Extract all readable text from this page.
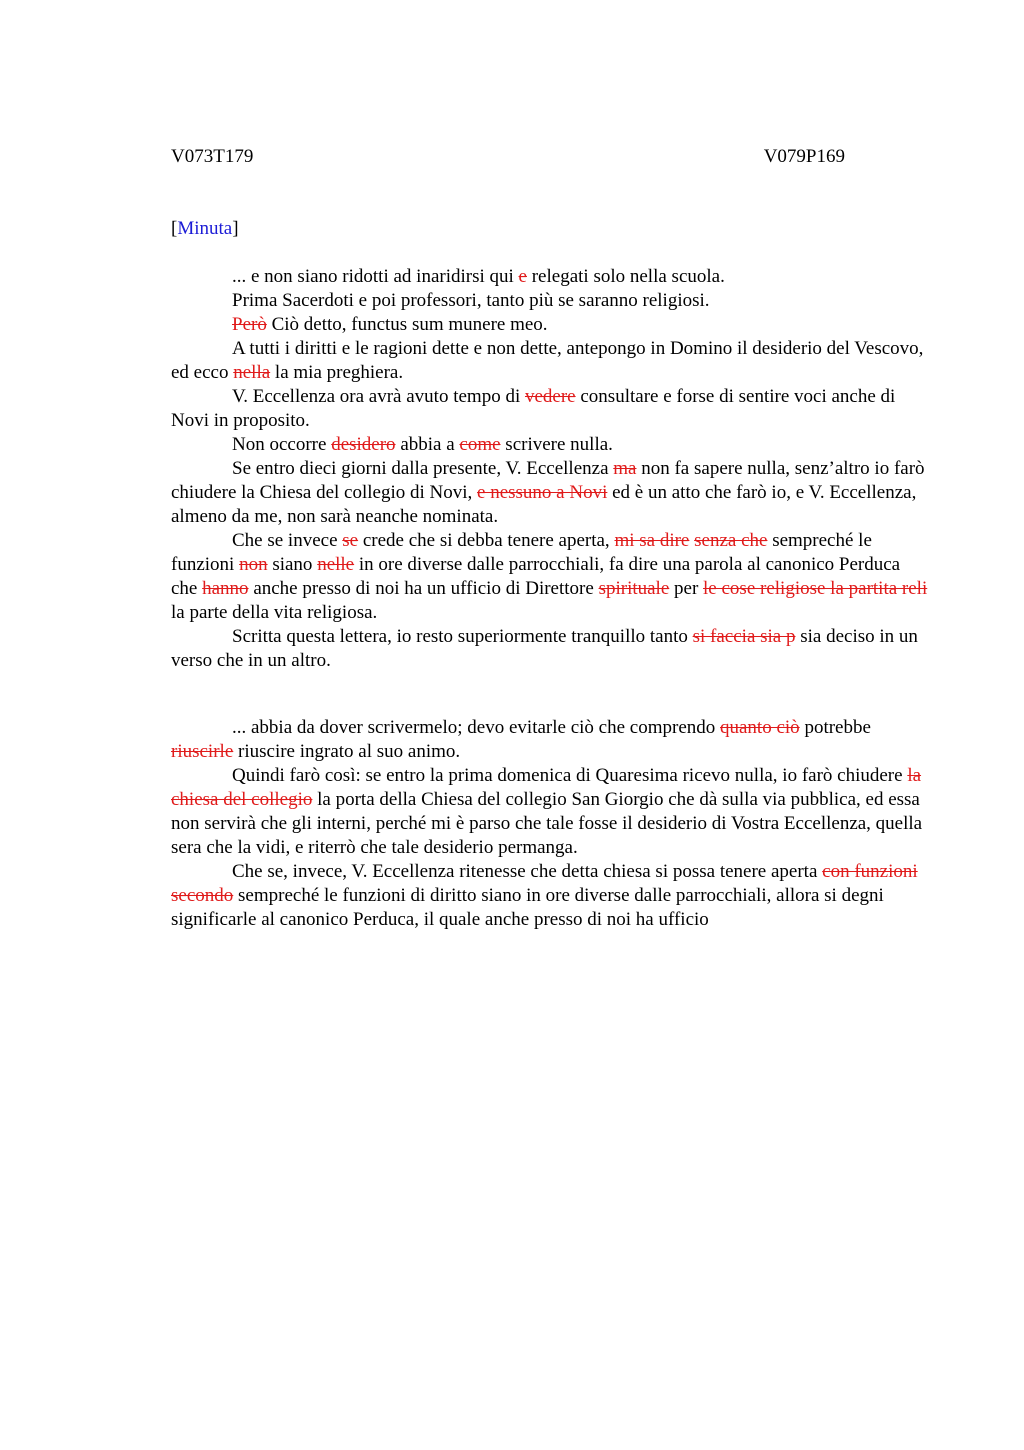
V073T179	V079P169
[Minuta]

... e non siano ridotti ad inaridirsi qui e relegati solo nella scuola.

Prima Sacerdoti e poi professori, tanto più se saranno religiosi.

Però Ciò detto, functus sum munere meo.

A tutti i diritti e le ragioni dette e non dette, antepongo in Domino il desiderio del Vescovo, ed ecco nella la mia preghiera.

V. Eccellenza ora avrà avuto tempo di vedere consultare e forse di sentire voci anche di Novi in proposito.

Non occorre desidero abbia a come scrivere nulla.

Se entro dieci giorni dalla presente, V. Eccellenza ma non fa sapere nulla, senz’altro io farò chiudere la Chiesa del collegio di Novi, e nessuno a Novi ed è un atto che farò io, e V. Eccellenza, almeno da me, non sarà neanche nominata.

Che se invece se crede che si debba tenere aperta, mi sa dire senza che sempreché le funzioni non siano nelle in ore diverse dalle parrocchiali, fa dire una parola al canonico Perduca che hanno anche presso di noi ha un ufficio di Direttore spirituale per le cose religiose la partita reli la parte della vita religiosa.

Scritta questa lettera, io resto superiormente tranquillo tanto si faccia sia p sia deciso in un verso che in un altro.

... abbia da dover scrivermelo; devo evitarle ciò che comprendo quanto ciò potrebbe riuscirle riuscire ingrato al suo animo.

Quindi farò così: se entro la prima domenica di Quaresima ricevo nulla, io farò chiudere la chiesa del collegio la porta della Chiesa del collegio San Giorgio che dà sulla via pubblica, ed essa non servirà che gli interni, perché mi è parso che tale fosse il desiderio di Vostra Eccellenza, quella sera che la vidi, e riterrò che tale desiderio permanga.

Che se, invece, V. Eccellenza ritenesse che detta chiesa si possa tenere aperta con funzioni secondo sempreché le funzioni di diritto siano in ore diverse dalle parrocchiali, allora si degni significarle al canonico Perduca, il quale anche presso di noi ha ufficio
